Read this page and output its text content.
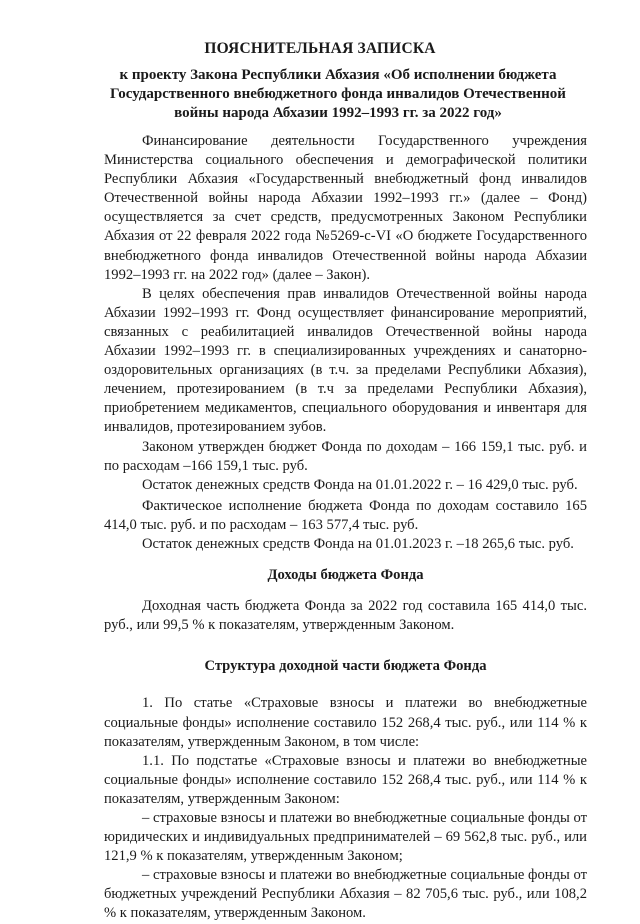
ПОЯСНИТЕЛЬНАЯ ЗАПИСКА
к проекту Закона Республики Абхазия «Об исполнении бюджета Государственного внебюджетного фонда инвалидов Отечественной войны народа Абхазии 1992–1993 гг. за 2022 год»

Финансирование деятельности Государственного учреждения Министерства социального обеспечения и демографической политики Республики Абхазия «Государственный внебюджетный фонд инвалидов Отечественной войны народа Абхазии 1992–1993 гг.» (далее – Фонд) осуществляется за счет средств, предусмотренных Законом Республики Абхазия от 22 февраля 2022 года №5269-с-VI «О бюджете Государственного внебюджетного фонда инвалидов Отечественной войны народа Абхазии 1992–1993 гг. на 2022 год» (далее – Закон).

В целях обеспечения прав инвалидов Отечественной войны народа Абхазии 1992–1993 гг. Фонд осуществляет финансирование мероприятий, связанных с реабилитацией инвалидов Отечественной войны народа Абхазии 1992–1993 гг. в специализированных учреждениях и санаторно-оздоровительных организациях (в т.ч. за пределами Республики Абхазия), лечением, протезированием (в т.ч за пределами Республики Абхазия), приобретением медикаментов, специального оборудования и инвентаря для инвалидов, протезированием зубов.

Законом утвержден бюджет Фонда по доходам – 166 159,1 тыс. руб. и по расходам –166 159,1 тыс. руб.

Остаток денежных средств Фонда на 01.01.2022 г. – 16 429,0 тыс. руб.

Фактическое исполнение бюджета Фонда по доходам составило 165 414,0 тыс. руб. и по расходам – 163 577,4 тыс. руб.

Остаток денежных средств Фонда на 01.01.2023 г. –18 265,6 тыс. руб.

Доходы бюджета Фонда

Доходная часть бюджета Фонда за 2022 год составила 165 414,0 тыс. руб., или 99,5 % к показателям, утвержденным Законом.

Структура доходной части бюджета Фонда

1. По статье «Страховые взносы и платежи во внебюджетные социальные фонды» исполнение составило 152 268,4 тыс. руб., или 114 % к показателям, утвержденным Законом, в том числе:

1.1. По подстатье «Страховые взносы и платежи во внебюджетные социальные фонды» исполнение составило 152 268,4 тыс. руб., или 114 % к показателям, утвержденным Законом:

– страховые взносы и платежи во внебюджетные социальные фонды от юридических и индивидуальных предпринимателей – 69 562,8 тыс. руб., или 121,9 % к показателям, утвержденным Законом;

– страховые взносы и платежи во внебюджетные социальные фонды от бюджетных учреждений Республики Абхазия – 82 705,6 тыс. руб., или 108,2 % к показателям, утвержденным Законом.
